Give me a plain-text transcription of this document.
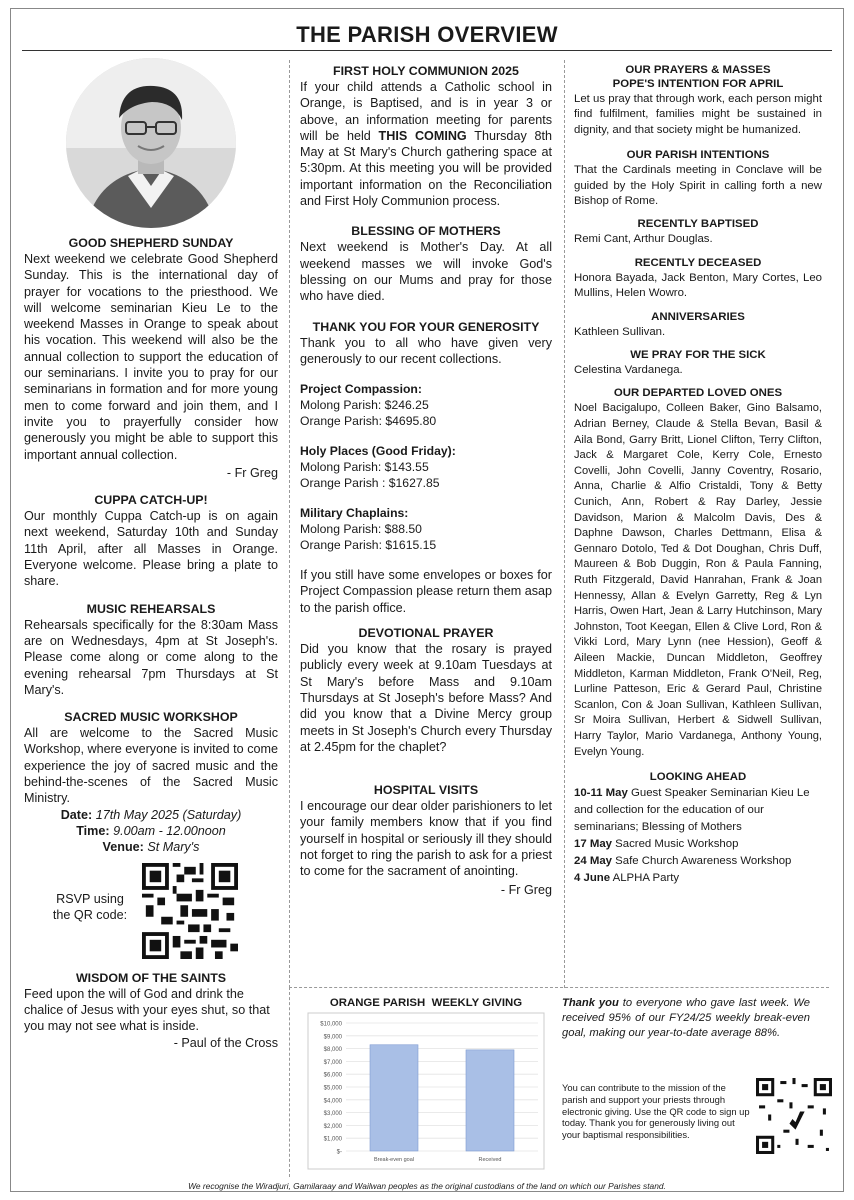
THE PARISH OVERVIEW
GOOD SHEPHERD SUNDAY

Next weekend we celebrate Good Shepherd Sunday. This is the international day of prayer for vocations to the priesthood. We will welcome seminarian Kieu Le to the weekend Masses in Orange to speak about his vocation. This weekend will also be the annual collection to support the education of our seminarians. I invite you to pray for our seminarians in formation and for more young men to come forward and join them, and I invite you to prayerfully consider how generously you might be able to support this important annual collection.

- Fr Greg

CUPPA CATCH-UP!

Our monthly Cuppa Catch-up is on again next weekend, Saturday 10th and Sunday 11th April, after all Masses in Orange. Everyone welcome. Please bring a plate to share.

MUSIC REHEARSALS

Rehearsals specifically for the 8:30am Mass are on Wednesdays, 4pm at St Joseph's. Please come along or come along to the evening rehearsal 7pm Thursdays at St Mary's.

SACRED MUSIC WORKSHOP

All are welcome to the Sacred Music Workshop, where everyone is invited to come experience the joy of sacred music and the behind-the-scenes of the Sacred Music Ministry.

Date: 17th May 2025 (Saturday)
Time: 9.00am - 12.00noon
Venue: St Mary's
RSVP using the QR code:
WISDOM OF THE SAINTS

Feed upon the will of God and drink the chalice of Jesus with your eyes shut, so that you may not see what is inside.

- Paul of the Cross

FIRST HOLY COMMUNION 2025

If your child attends a Catholic school in Orange, is Baptised, and is in year 3 or above, an information meeting for parents will be held THIS COMING Thursday 8th May at St Mary's Church gathering space at 5:30pm. At this meeting you will be provided important information on the Reconciliation and First Holy Communion process.

BLESSING OF MOTHERS

Next weekend is Mother's Day. At all weekend masses we will invoke God's blessing on our Mums and pray for those who have died.

THANK YOU FOR YOUR GENEROSITY

Thank you to all who have given very generously to our recent collections.

Project Compassion:
Molong Parish: $246.25
Orange Parish: $4695.80
Holy Places (Good Friday):
Molong Parish: $143.55
Orange Parish : $1627.85
Military Chaplains:
Molong Parish: $88.50
Orange Parish: $1615.15

If you still have some envelopes or boxes for Project Compassion please return them asap to the parish office.

DEVOTIONAL PRAYER

Did you know that the rosary is prayed publicly every week at 9.10am Tuesdays at St Mary's before Mass and 9.10am Thursdays at St Joseph's before Mass? And did you know that a Divine Mercy group meets in St Joseph's Church every Thursday at 2.45pm for the chaplet?

HOSPITAL VISITS

I encourage our dear older parishioners to let your family members know that if you find yourself in hospital or seriously ill they should not forget to ring the parish to ask for a priest to come for the sacrament of anointing.

- Fr Greg

OUR PRAYERS & MASSES
POPE'S INTENTION FOR APRIL

Let us pray that through work, each person might find fulfilment, families might be sustained in dignity, and that society might be humanized.

OUR PARISH INTENTIONS

That the Cardinals meeting in Conclave will be guided by the Holy Spirit in calling forth a new Bishop of Rome.

RECENTLY BAPTISED

Remi Cant, Arthur Douglas.

RECENTLY DECEASED

Honora Bayada, Jack Benton, Mary Cortes, Leo Mullins, Helen Wowro.

ANNIVERSARIES

Kathleen Sullivan.

WE PRAY FOR THE SICK

Celestina Vardanega.

OUR DEPARTED LOVED ONES

Noel Bacigalupo, Colleen Baker, Gino Balsamo, Adrian Berney, Claude & Stella Bevan, Basil & Aila Bond, Garry Britt, Lionel Clifton, Terry Clifton, Jack & Margaret Cole, Kerry Cole, Ernesto Covelli, John Covelli, Janny Coventry, Rosario, Anna, Charlie & Alfio Cristaldi, Tony & Betty Cunich, Ann, Robert & Ray Darley, Jessie Davidson, Marion & Malcolm Davis, Des & Daphne Dawson, Charles Dettmann, Elisa & Gennaro Dotolo, Ted & Dot Doughan, Chris Duff, Maureen & Bob Duggin, Ron & Paula Fanning, Ruth Fitzgerald, David Hanrahan, Frank & Joan Hennessy, Allan & Evelyn Garretty, Reg & Lyn Harris, Owen Hart, Jean & Larry Hutchinson, Mary Johnston, Toot Keegan, Ellen & Clive Lord, Ron & Vikki Lord, Mary Lynn (nee Hession), Geoff & Aileen Mackie, Duncan Middleton, Geoffrey Middleton, Karman Middleton, Frank O'Neil, Reg, Lurline Patteson, Eric & Gerard Paul, Christine Scanlon, Con & Joan Sullivan, Kathleen Sullivan, Sr Moira Sullivan, Herbert & Sidwell Sullivan, Harry Taylor, Mario Vardanega, Anthony Young, Evelyn Young.

LOOKING AHEAD
10-11 May Guest Speaker Seminarian Kieu Le and collection for the education of our seminarians; Blessing of Mothers
17 May Sacred Music Workshop
24 May Safe Church Awareness Workshop
4 June ALPHA Party
ORANGE PARISH  WEEKLY GIVING
$-
$1,000
$2,000
$3,000
$4,000
$5,000
$6,000
$7,000
$8,000
$9,000
$10,000
Break-even goal	Received
Thank you to everyone who gave last week. We received 95% of our FY24/25 weekly break-even goal, making our year-to-date average 88%.
You can contribute to the mission of the parish and support your priests through electronic giving. Use the QR code to sign up today. Thank you for generously living out your baptismal responsibilities.
We recognise the Wiradjuri, Gamilaraay and Wailwan peoples as the original custodians of the land on which our Parishes stand.
